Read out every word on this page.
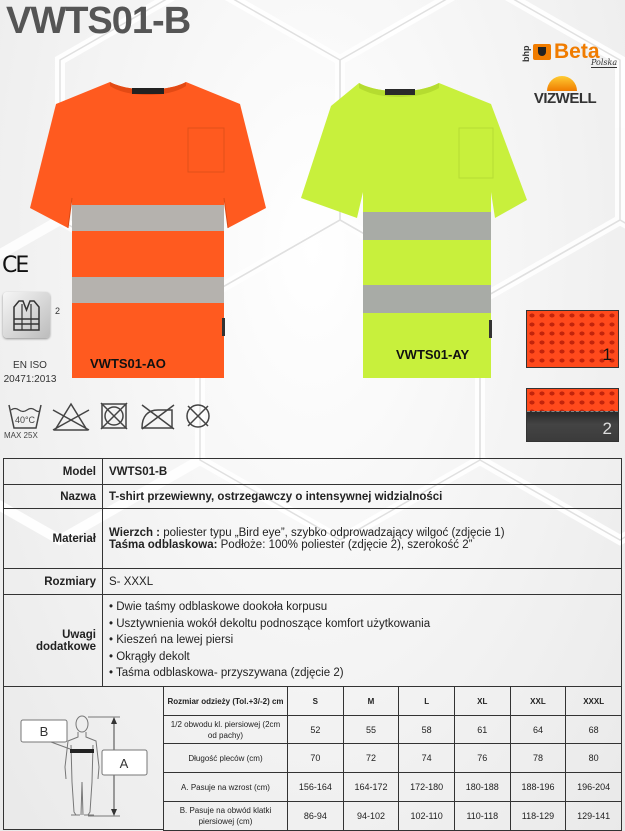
VWTS01-B
bhp Beta
Polska
VIZWELL
VWTS01-AO
VWTS01-AY
CE
2
EN ISO
20471:2013
40°C
MAX 25X
1
2
Model	VWTS01-B
Nazwa	T-shirt przewiewny, ostrzegawczy o intensywnej widzialności
Materiał	Wierzch : poliester typu „Bird eye”, szybko odprowadzający wilgoć (zdjęcie 1)
Taśma odblaskowa: Podłoże: 100% poliester (zdjęcie 2), szerokość 2”

Rozmiary	S- XXXL

Uwagi
dodatkowe

• Dwie taśmy odblaskowe dookoła korpusu
• Usztywnienia wokół dekoltu podnoszące komfort użytkowania
• Kieszeń na lewej piersi
• Okrągły dekolt
• Taśma odblaskowa- przyszywana (zdjęcie 2)
B
A
Rozmiar odzieży (Tol.+3/-2) cm	S	M	L	XL	XXL	XXXL
1/2 obwodu kl. piersiowej (2cm od pachy)	52	55	58	61	64	68
Długość pleców (cm)	70	72	74	76	78	80
A. Pasuje na wzrost (cm)	156-164	164-172	172-180	180-188	188-196	196-204
B. Pasuje na obwód klatki piersiowej (cm)	86-94	94-102	102-110	110-118	118-129	129-141
